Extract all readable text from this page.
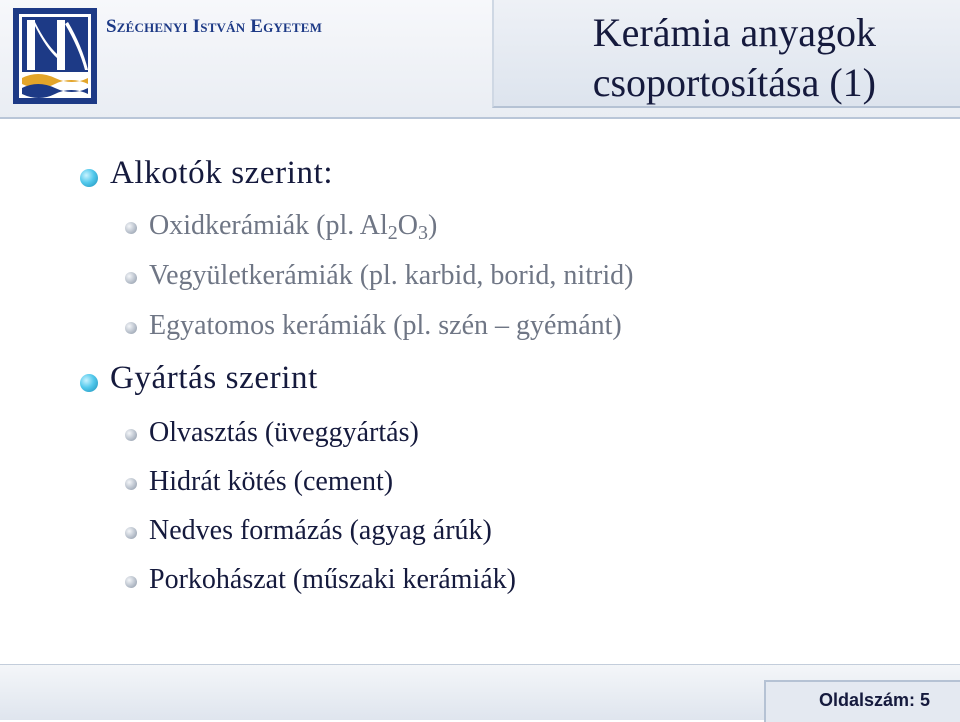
Széchenyi István Egyetem	Kerámia anyagok
csoportosítása (1)
Alkotók szerint:
Oxidkerámiák (pl. $Al_2O_3$)
Vegyületkerámiák (pl. karbid, borid, nitrid)
Egyatomos kerámiák (pl. szén – gyémánt)
Gyártás szerint
Olvasztás (üveggyártás)
Hidrát kötés (cement)
Nedves formázás (agyag árúk)
Porkohászat (műszaki kerámiák)
Oldalszám: 5
